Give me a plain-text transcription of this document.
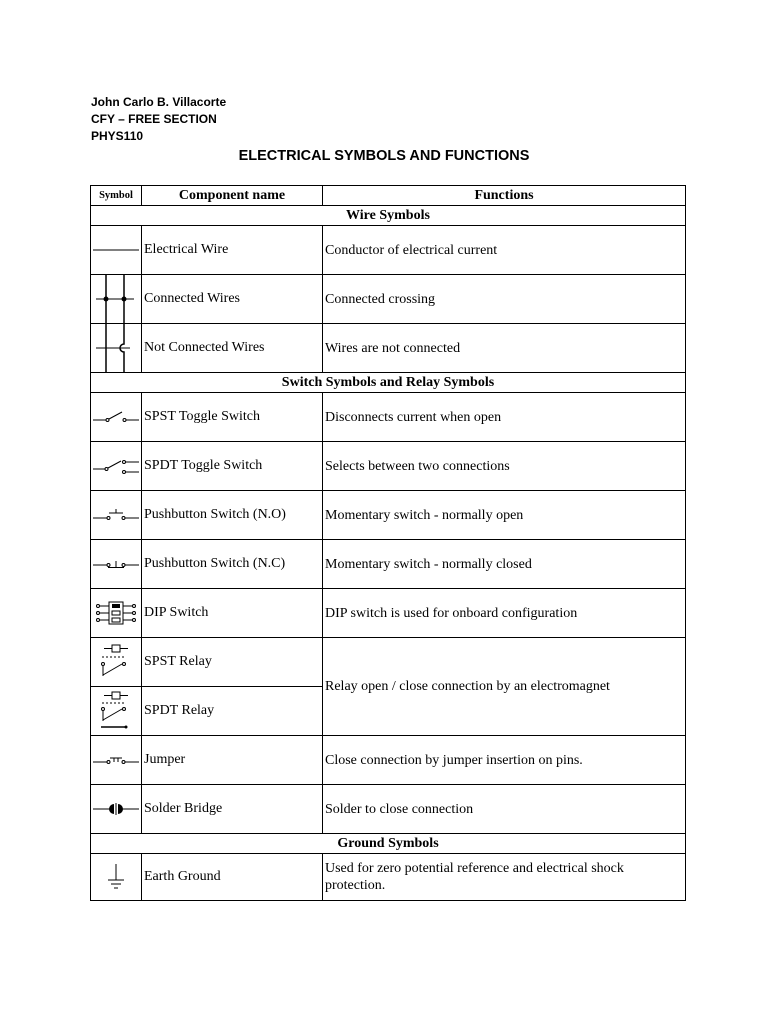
John Carlo B. Villacorte
CFY – FREE SECTION
PHYS110
ELECTRICAL SYMBOLS AND FUNCTIONS
Symbol	Component name	Functions
Wire Symbols		

	Electrical Wire	Conductor of electrical current

	Connected Wires	Connected crossing

	Not Connected Wires	Wires are not connected
Switch Symbols and Relay Symbols		

	SPST Toggle Switch	Disconnects current when open

	SPDT Toggle Switch	Selects between two connections

	Pushbutton Switch (N.O)	Momentary switch - normally open

	Pushbutton Switch (N.C)	Momentary switch - normally closed

	DIP Switch	DIP switch is used for onboard configuration

	SPST Relay	Relay open / close connection by an electromagnet

	SPDT Relay	

	Jumper	Close connection by jumper insertion on pins.

	Solder Bridge	Solder to close connection
Ground Symbols		

	Earth Ground	Used for zero potential reference and electrical shock protection.
